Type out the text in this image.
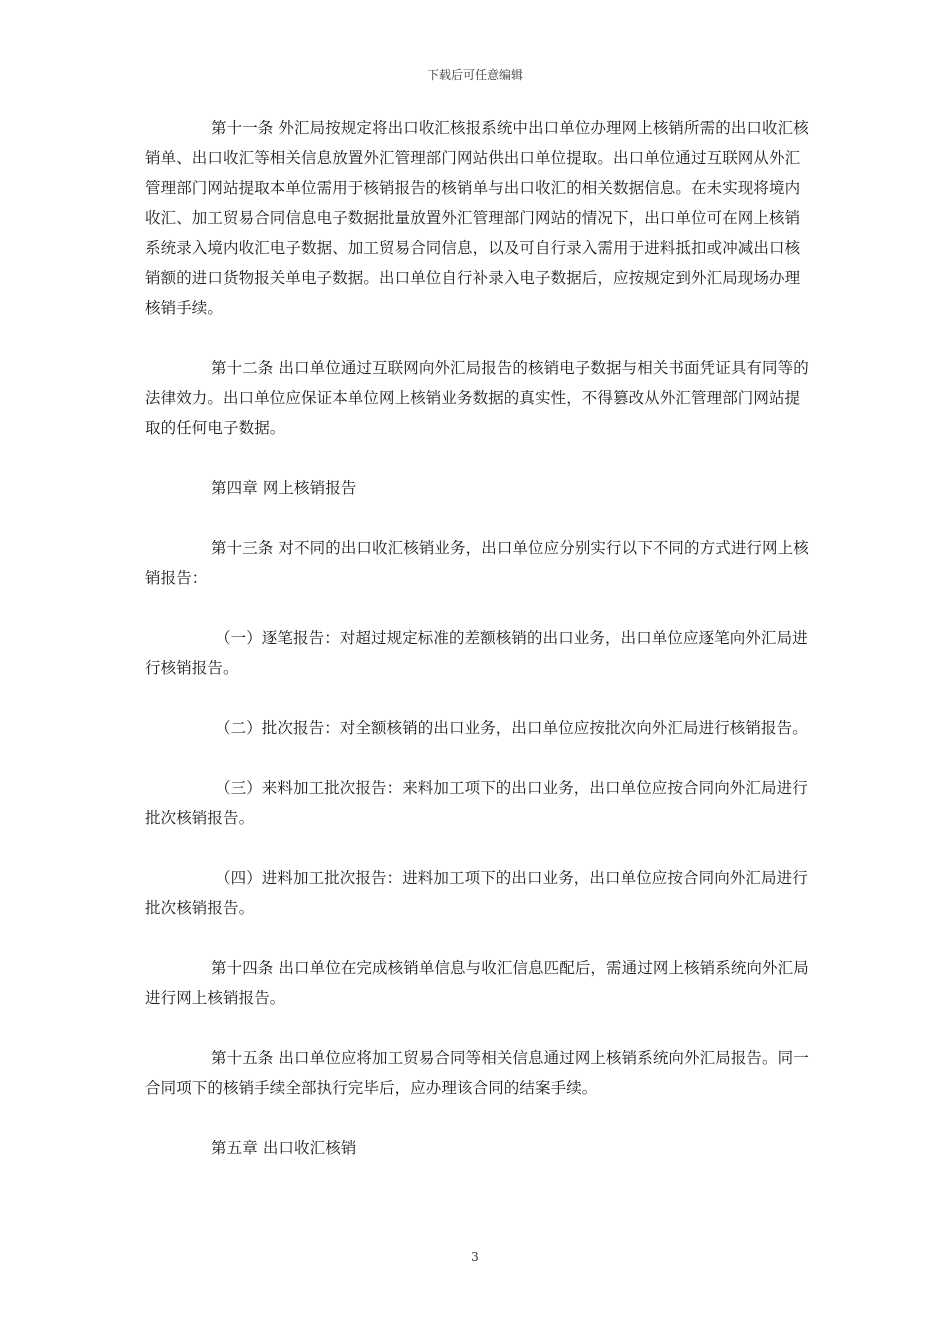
下载后可任意编辑

第十一条 外汇局按规定将出口收汇核报系统中出口单位办理网上核销所需的出口收汇核销单、出口收汇等相关信息放置外汇管理部门网站供出口单位提取。出口单位通过互联网从外汇管理部门网站提取本单位需用于核销报告的核销单与出口收汇的相关数据信息。在未实现将境内收汇、加工贸易合同信息电子数据批量放置外汇管理部门网站的情况下，出口单位可在网上核销系统录入境内收汇电子数据、加工贸易合同信息，以及可自行录入需用于进料抵扣或冲减出口核销额的进口货物报关单电子数据。出口单位自行补录入电子数据后，应按规定到外汇局现场办理核销手续。

第十二条 出口单位通过互联网向外汇局报告的核销电子数据与相关书面凭证具有同等的法律效力。出口单位应保证本单位网上核销业务数据的真实性，不得篡改从外汇管理部门网站提取的任何电子数据。

第四章 网上核销报告

第十三条 对不同的出口收汇核销业务，出口单位应分别实行以下不同的方式进行网上核销报告：

（一）逐笔报告：对超过规定标准的差额核销的出口业务，出口单位应逐笔向外汇局进行核销报告。

（二）批次报告：对全额核销的出口业务，出口单位应按批次向外汇局进行核销报告。

（三）来料加工批次报告：来料加工项下的出口业务，出口单位应按合同向外汇局进行批次核销报告。

（四）进料加工批次报告：进料加工项下的出口业务，出口单位应按合同向外汇局进行批次核销报告。

第十四条 出口单位在完成核销单信息与收汇信息匹配后，需通过网上核销系统向外汇局进行网上核销报告。

第十五条 出口单位应将加工贸易合同等相关信息通过网上核销系统向外汇局报告。同一合同项下的核销手续全部执行完毕后，应办理该合同的结案手续。

第五章 出口收汇核销

3
